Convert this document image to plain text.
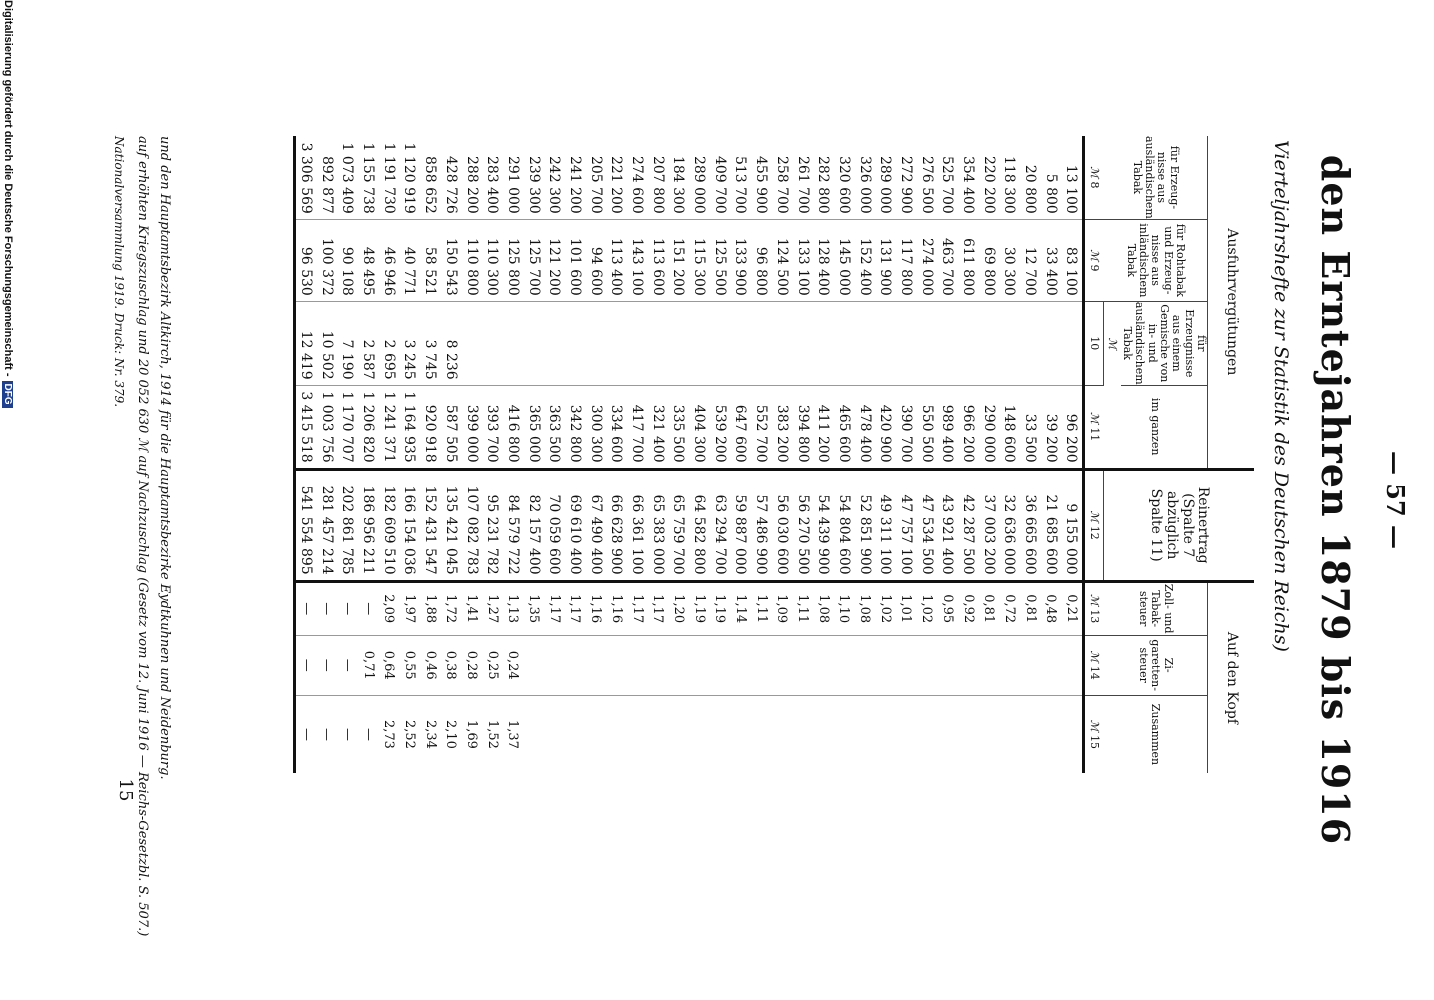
— 57 —
den Erntejahren 1879 bis 1916
Vierteljahrshefte zur Statistik des Deutschen Reichs)
Ausfuhrvergütungen				Reinertrag (Spalte 7 abzüglich Spalte 11)	Auf den Kopf		
für Erzeug-nisse aus ausländischem Tabak	für Rohtabak und Erzeug-nisse aus inländischem Tabak	für Erzeugnisse aus einem Gemische von in- und ausländischem Tabak	im ganzen		Zoll- und Tabak-steuer	Zi-garetten-steuer	Zusammen
		ℳ					
ℳ 8	ℳ 9	10	ℳ 11	ℳ 12	ℳ 13	ℳ 14	ℳ 15
13 100	83 100		96 200	9 155 000	0,21		
5 800	33 400		39 200	21 685 600	0,48		
20 800	12 700		33 500	36 665 600	0,81		
118 300	30 300		148 600	32 636 000	0,72		
220 200	69 800		290 000	37 003 200	0,81		
354 400	611 800		966 200	42 287 500	0,92		
525 700	463 700		989 400	43 921 400	0,95		
276 500	274 000		550 500	47 534 500	1,02		
272 900	117 800		390 700	47 757 100	1,01		
289 000	131 900		420 900	49 311 100	1,02		
326 000	152 400		478 400	52 851 900	1,08		
320 600	145 000		465 600	54 804 600	1,10		
282 800	128 400		411 200	54 439 900	1,08		
261 700	133 100		394 800	56 270 500	1,11		
258 700	124 500		383 200	56 030 600	1,09		
455 900	96 800		552 700	57 486 900	1,11		
513 700	133 900		647 600	59 887 000	1,14		
409 700	125 500		539 200	63 294 700	1,19		
289 000	115 300		404 300	64 582 800	1,19		
184 300	151 200		335 500	65 759 700	1,20		
207 800	113 600		321 400	65 383 000	1,17		
274 600	143 100		417 700	66 361 100	1,17		
221 200	113 400		334 600	66 628 900	1,16		
205 700	94 600		300 300	67 490 400	1,16		
241 200	101 600		342 800	69 610 400	1,17		
242 300	121 200		363 500	70 059 600	1,17		
239 300	125 700		365 000	82 157 400	1,35		
291 000	125 800		416 800	84 579 722	1,13	0,24	1,37
283 400	110 300		393 700	95 231 782	1,27	0,25	1,52
288 200	110 800		399 000	107 082 783	1,41	0,28	1,69
428 726	150 543	8 236	587 505	135 421 045	1,72	0,38	2,10
858 652	58 521	3 745	920 918	152 431 547	1,88	0,46	2,34
1 120 919	40 771	3 245	1 164 935	166 154 036	1,97	0,55	2,52
1 191 730	46 946	2 695	1 241 371	182 609 510	2,09	0,64	2,73
1 155 738	48 495	2 587	1 206 820	186 956 211	—	0,71	—
1 073 409	90 108	7 190	1 170 707	202 861 785	—	—	—
892 877	100 372	10 502	1 003 756	281 457 214	—	—	—
3 306 569	96 530	12 419	3 415 518	541 554 895	—	—	—
und den Hauptamtsbezirk Altkirch, 1914 für die Hauptamtsbezirke Eydtkuhnen und Neidenburg.
auf erhöhten Kriegszuschlag und 20 052 630 ℳ auf Nachzuschlag (Gesetz vom 12. Juni 1916 — Reichs-Gesetzbl. S. 507.)
Nationalversammlung 1919. Druck: Nr. 379.
15
Digitalisierung gefördert durch die Deutsche Forschungsgemeinschaft -DFG
